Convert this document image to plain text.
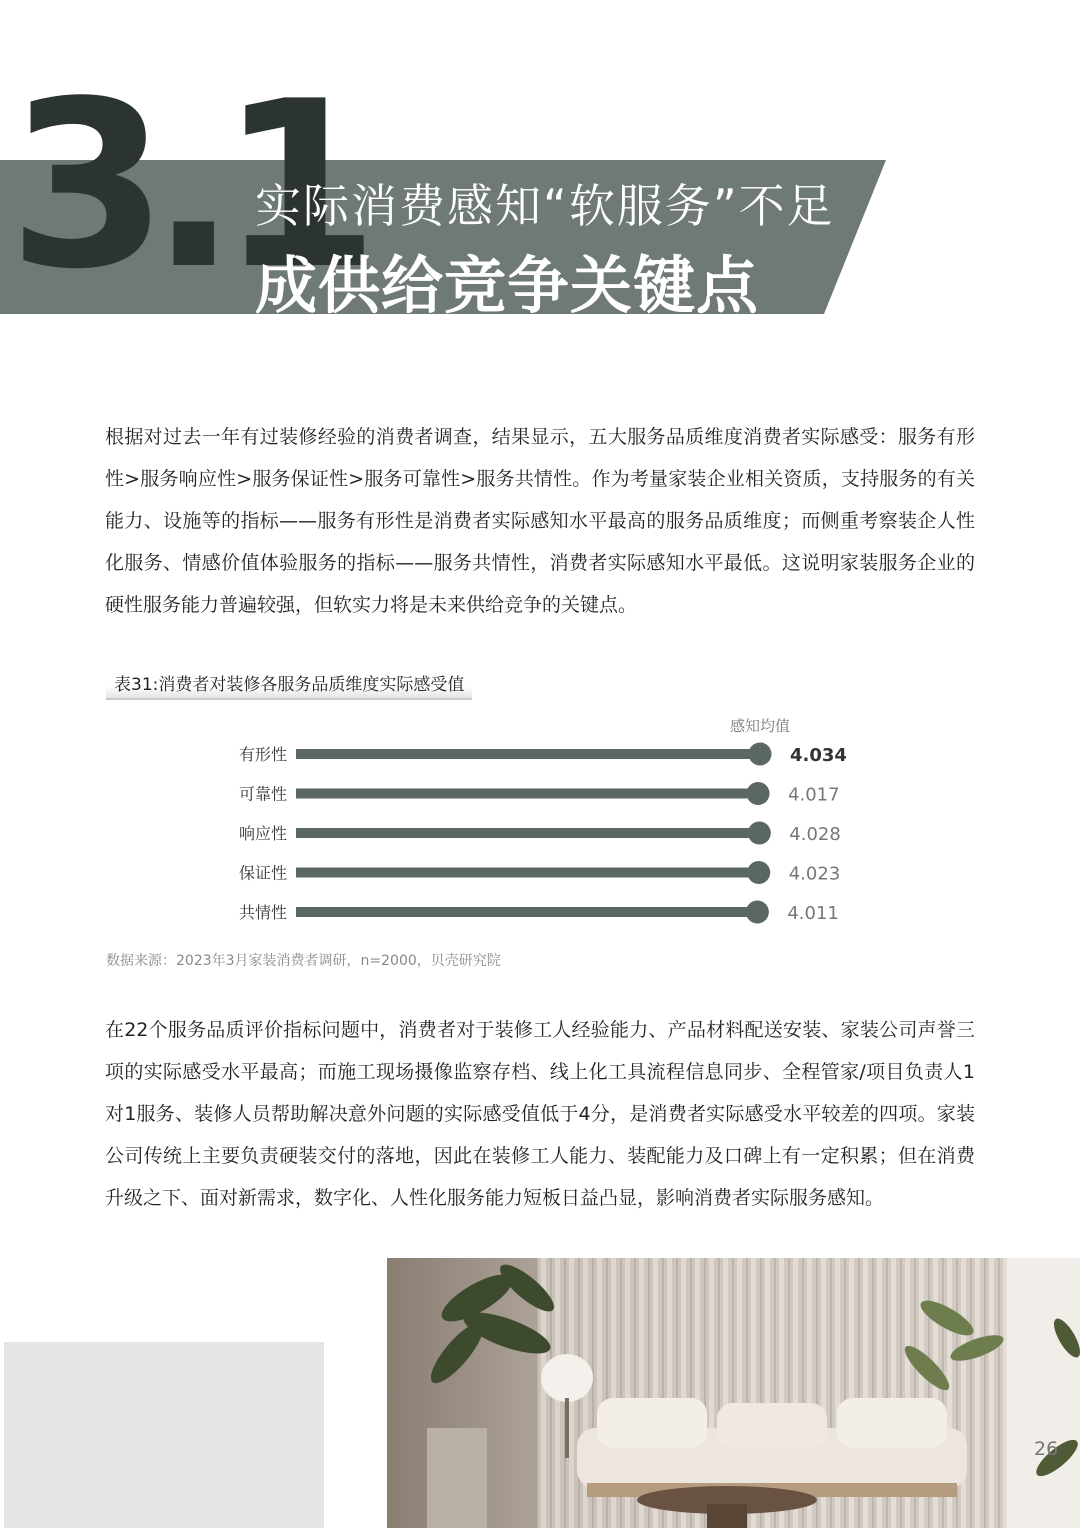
3.1
实际消费感知“软服务”不足
成供给竞争关键点
根据对过去一年有过装修经验的消费者调查，结果显示，五大服务品质维度消费者实际感受：服务有形性>服务响应性>服务保证性>服务可靠性>服务共情性。作为考量家装企业相关资质，支持服务的有关能力、设施等的指标——服务有形性是消费者实际感知水平最高的服务品质维度；而侧重考察装企人性化服务、情感价值体验服务的指标——服务共情性，消费者实际感知水平最低。这说明家装服务企业的硬性服务能力普遍较强，但软实力将是未来供给竞争的关键点。
表31:消费者对装修各服务品质维度实际感受值
感知均值
有形性	4.034
可靠性	4.017
响应性	4.028
保证性	4.023
共情性	4.011
数据来源：2023年3月家装消费者调研，n=2000，贝壳研究院
在22个服务品质评价指标问题中，消费者对于装修工人经验能力、产品材料配送安装、家装公司声誉三项的实际感受水平最高；而施工现场摄像监察存档、线上化工具流程信息同步、全程管家/项目负责人1对1服务、装修人员帮助解决意外问题的实际感受值低于4分，是消费者实际感受水平较差的四项。家装公司传统上主要负责硬装交付的落地，因此在装修工人能力、装配能力及口碑上有一定积累；但在消费升级之下、面对新需求，数字化、人性化服务能力短板日益凸显，影响消费者实际服务感知。
26
